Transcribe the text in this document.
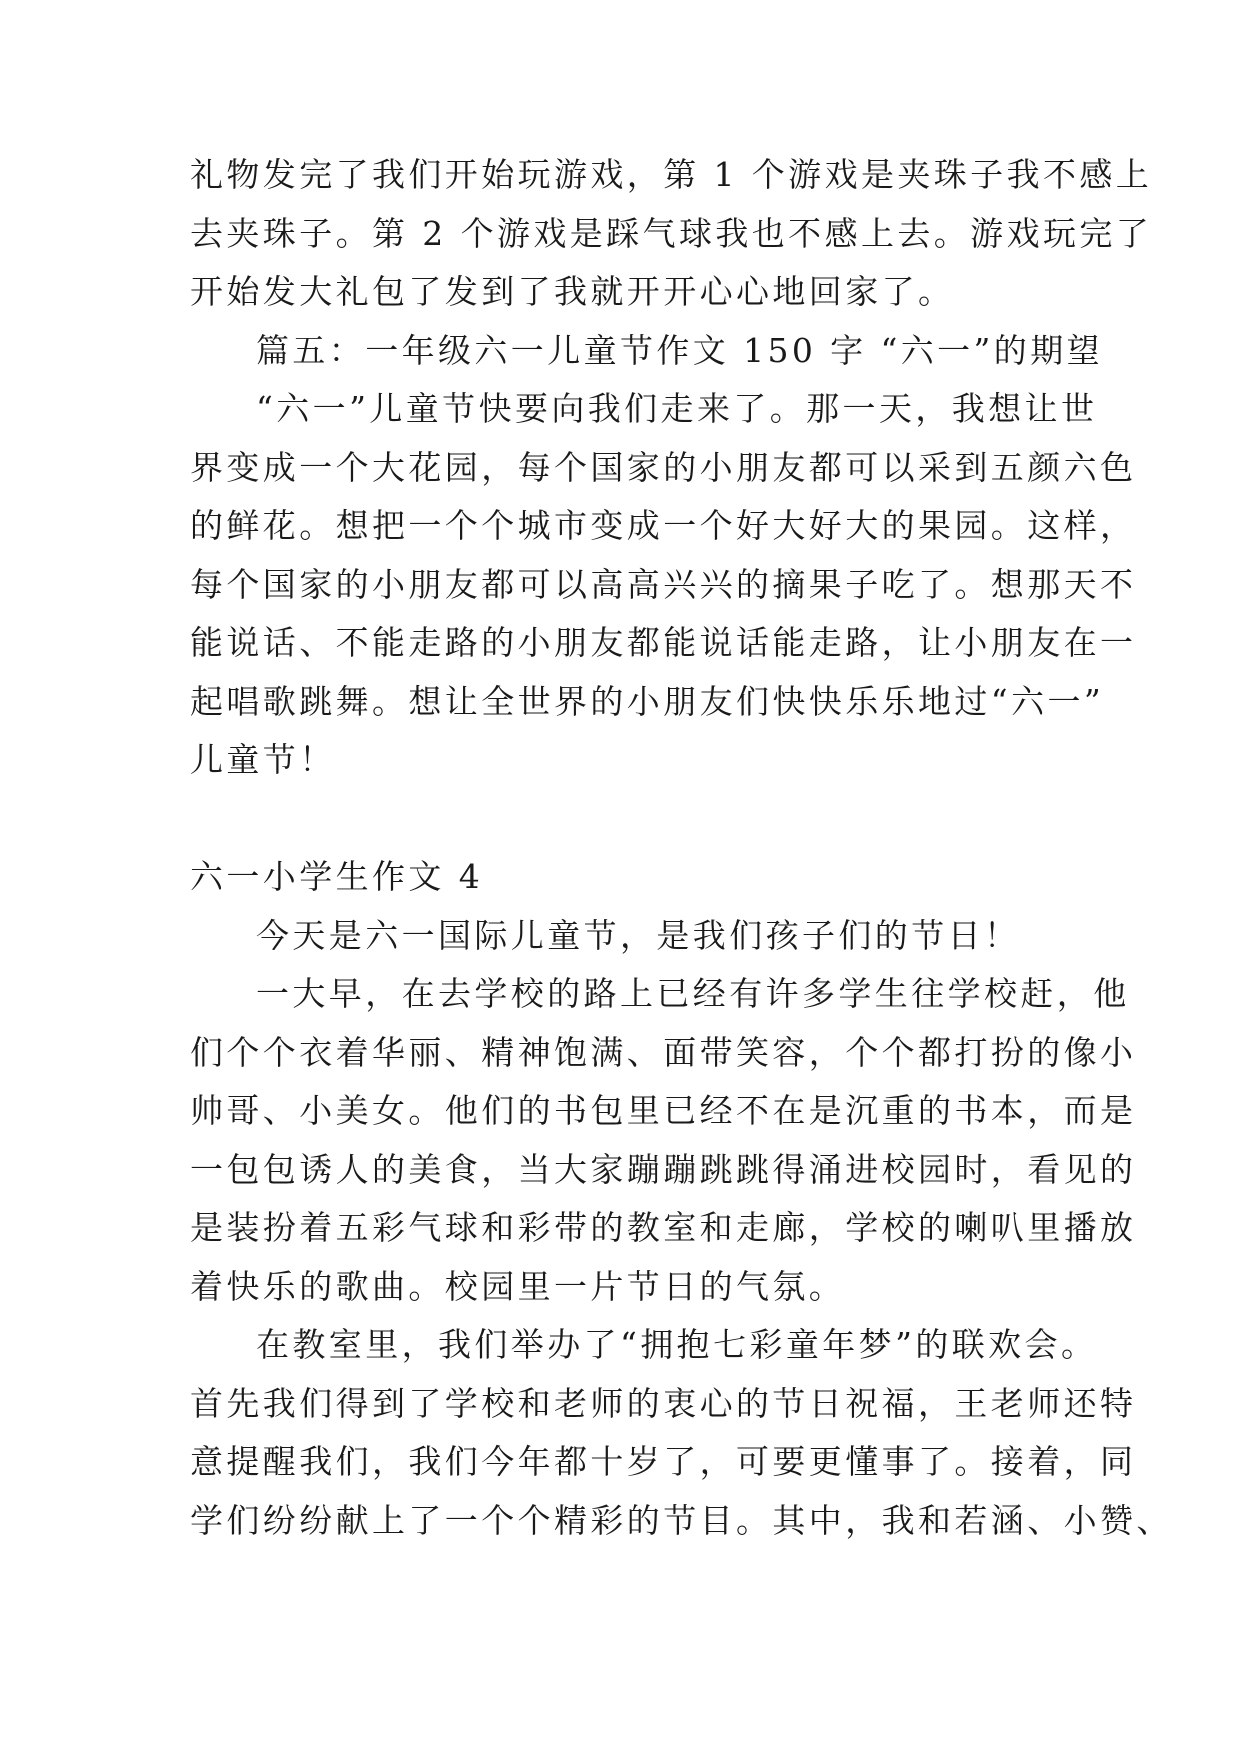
礼物发完了我们开始玩游戏，第 1 个游戏是夹珠子我不感上
去夹珠子。第 2 个游戏是踩气球我也不感上去。游戏玩完了
开始发大礼包了发到了我就开开心心地回家了。
篇五：一年级六一儿童节作文 150 字 “六一”的期望
“六一”儿童节快要向我们走来了。那一天，我想让世
界变成一个大花园，每个国家的小朋友都可以采到五颜六色
的鲜花。想把一个个城市变成一个好大好大的果园。这样，
每个国家的小朋友都可以高高兴兴的摘果子吃了。想那天不
能说话、不能走路的小朋友都能说话能走路，让小朋友在一
起唱歌跳舞。想让全世界的小朋友们快快乐乐地过“六一”
儿童节！
六一小学生作文 4
今天是六一国际儿童节，是我们孩子们的节日！
一大早，在去学校的路上已经有许多学生往学校赶，他
们个个衣着华丽、精神饱满、面带笑容，个个都打扮的像小
帅哥、小美女。他们的书包里已经不在是沉重的书本，而是
一包包诱人的美食，当大家蹦蹦跳跳得涌进校园时，看见的
是装扮着五彩气球和彩带的教室和走廊，学校的喇叭里播放
着快乐的歌曲。校园里一片节日的气氛。
在教室里，我们举办了“拥抱七彩童年梦”的联欢会。
首先我们得到了学校和老师的衷心的节日祝福，王老师还特
意提醒我们，我们今年都十岁了，可要更懂事了。接着，同
学们纷纷献上了一个个精彩的节目。其中，我和若涵、小赞、
